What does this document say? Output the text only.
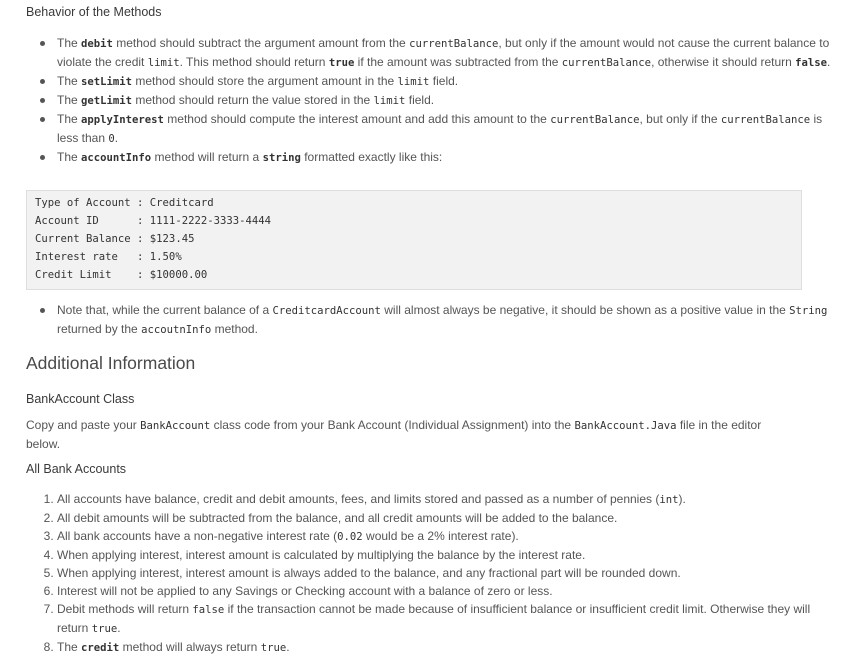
Behavior of the Methods
The debit method should subtract the argument amount from the currentBalance, but only if the amount would not cause the current balance to violate the credit limit. This method should return true if the amount was subtracted from the currentBalance, otherwise it should return false.
The setLimit method should store the argument amount in the limit field.
The getLimit method should return the value stored in the limit field.
The applyInterest method should compute the interest amount and add this amount to the currentBalance, but only if the currentBalance is less than 0.
The accountInfo method will return a string formatted exactly like this:
Type of Account : Creditcard
Account ID      : 1111-2222-3333-4444
Current Balance : $123.45
Interest rate   : 1.50%
Credit Limit    : $10000.00
Note that, while the current balance of a CreditcardAccount will almost always be negative, it should be shown as a positive value in the String returned by the accoutnInfo method.
Additional Information
BankAccount Class

Copy and paste your BankAccount class code from your Bank Account (Individual Assignment) into the BankAccount.Java file in the editor below.

All Bank Accounts
1. All accounts have balance, credit and debit amounts, fees, and limits stored and passed as a number of pennies (int).
2. All debit amounts will be subtracted from the balance, and all credit amounts will be added to the balance.
3. All bank accounts have a non-negative interest rate (0.02 would be a 2% interest rate).
4. When applying interest, interest amount is calculated by multiplying the balance by the interest rate.
5. When applying interest, interest amount is always added to the balance, and any fractional part will be rounded down.
6. Interest will not be applied to any Savings or Checking account with a balance of zero or less.
7. Debit methods will return false if the transaction cannot be made because of insufficient balance or insufficient credit limit. Otherwise they will return true.
8. The credit method will always return true.
